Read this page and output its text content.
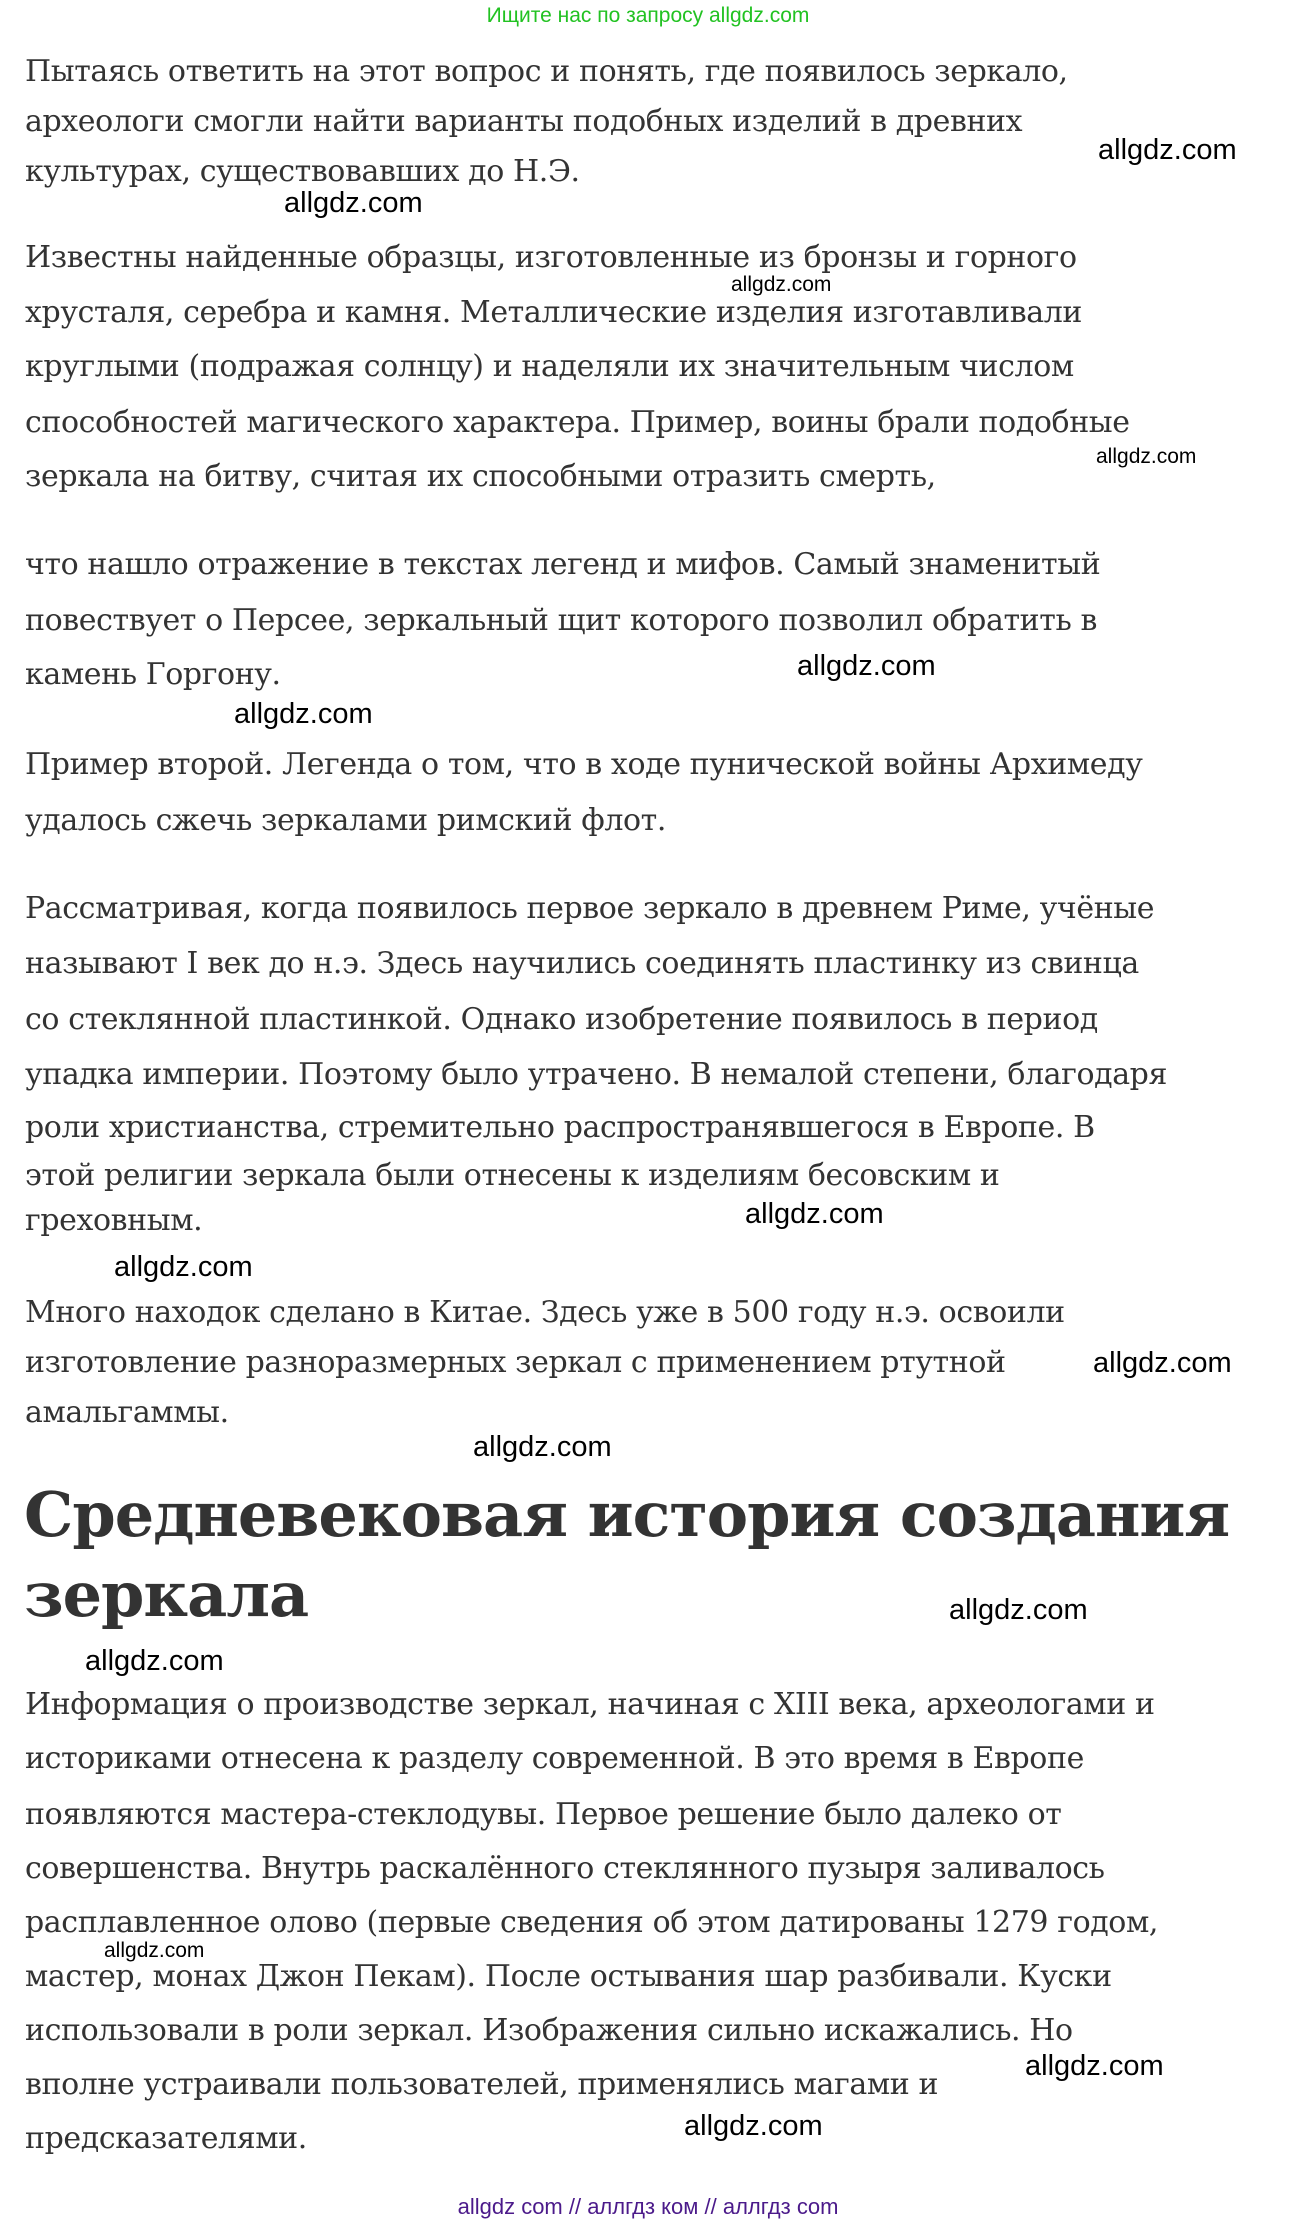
Ищите нас по запросу allgdz.com
Пытаясь ответить на этот вопрос и понять, где появилось зеркало,
археологи смогли найти варианты подобных изделий в древних
культурах, существовавших до Н.Э.
Известны найденные образцы, изготовленные из бронзы и горного
хрусталя, серебра и камня. Металлические изделия изготавливали
круглыми (подражая солнцу) и наделяли их значительным числом
способностей магического характера. Пример, воины брали подобные
зеркала на битву, считая их способными отразить смерть,
что нашло отражение в текстах легенд и мифов. Самый знаменитый
повествует о Персее, зеркальный щит которого позволил обратить в
камень Горгону.
Пример второй. Легенда о том, что в ходе пунической войны Архимеду
удалось сжечь зеркалами римский флот.
Рассматривая, когда появилось первое зеркало в древнем Риме, учёные
называют I век до н.э. Здесь научились соединять пластинку из свинца
со стеклянной пластинкой. Однако изобретение появилось в период
упадка империи. Поэтому было утрачено. В немалой степени, благодаря
роли христианства, стремительно распространявшегося в Европе. В
этой религии зеркала были отнесены к изделиям бесовским и
греховным.
Много находок сделано в Китае. Здесь уже в 500 году н.э. освоили
изготовление разноразмерных зеркал с применением ртутной
амальгаммы.
Средневековая история создания
зеркала
Информация о производстве зеркал, начиная с XIII века, археологами и
историками отнесена к разделу современной. В это время в Европе
появляются мастера-стеклодувы. Первое решение было далеко от
совершенства. Внутрь раскалённого стеклянного пузыря заливалось
расплавленное олово (первые сведения об этом датированы 1279 годом,
мастер, монах Джон Пекам). После остывания шар разбивали. Куски
использовали в роли зеркал. Изображения сильно искажались. Но
вполне устраивали пользователей, применялись магами и
предсказателями.
allgdz.com
allgdz.com
allgdz.com
allgdz.com
allgdz.com
allgdz.com
allgdz.com
allgdz.com
allgdz.com
allgdz.com
allgdz.com
allgdz.com
allgdz.com
allgdz.com
allgdz.com
allgdz com // аллгдз ком // аллгдз com
